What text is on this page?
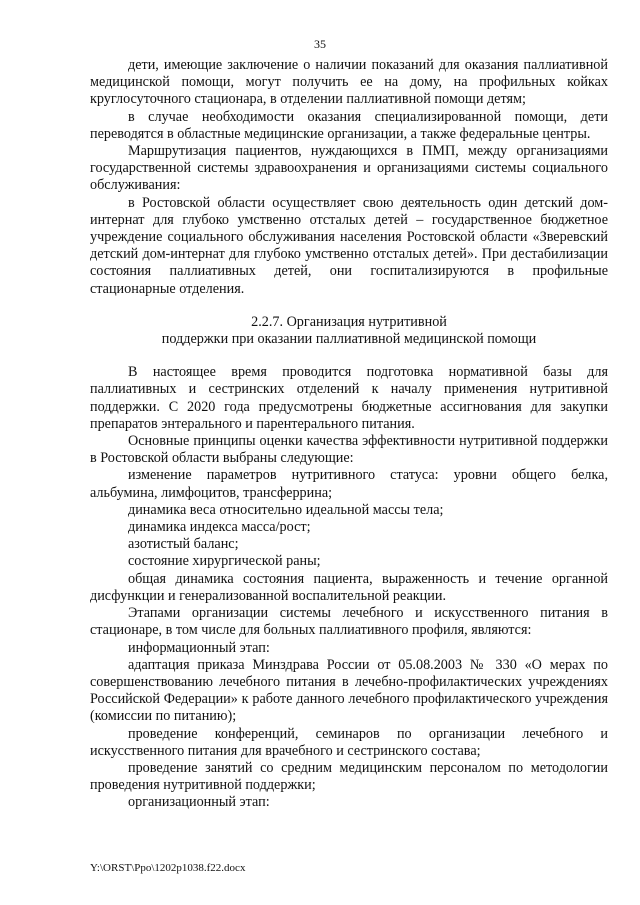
35

дети, имеющие заключение о наличии показаний для оказания паллиативной медицинской помощи, могут получить ее на дому, на профильных койках круглосуточного стационара, в отделении паллиативной помощи детям;

в случае необходимости оказания специализированной помощи, дети переводятся в областные медицинские организации, а также федеральные центры.

Маршрутизация пациентов, нуждающихся в ПМП, между организациями государственной системы здравоохранения и организациями системы социального обслуживания:

в Ростовской области осуществляет свою деятельность один детский дом-интернат для глубоко умственно отсталых детей – государственное бюджетное учреждение социального обслуживания населения Ростовской области «Зверевский детский дом-интернат для глубоко умственно отсталых детей». При дестабилизации состояния паллиативных детей, они госпитализируются в профильные стационарные отделения.

2.2.7. Организация нутритивной

поддержки при оказании паллиативной медицинской помощи

В настоящее время проводится подготовка нормативной базы для паллиативных и сестринских отделений к началу применения нутритивной поддержки. С 2020 года предусмотрены бюджетные ассигнования для закупки препаратов энтерального и парентерального питания.

Основные принципы оценки качества эффективности нутритивной поддержки в Ростовской области выбраны следующие:

изменение параметров нутритивного статуса: уровни общего белка, альбумина, лимфоцитов, трансферрина;

динамика веса относительно идеальной массы тела;

динамика индекса масса/рост;

азотистый баланс;

состояние хирургической раны;

общая динамика состояния пациента, выраженность и течение органной дисфункции и генерализованной воспалительной реакции.

Этапами организации системы лечебного и искусственного питания в стационаре, в том числе для больных паллиативного профиля, являются:

информационный этап:

адаптация приказа Минздрава России от 05.08.2003 № 330 «О мерах по совершенствованию лечебного питания в лечебно-профилактических учреждениях Российской Федерации» к работе данного лечебного профилактического учреждения (комиссии по питанию);

проведение конференций, семинаров по организации лечебного и искусственного питания для врачебного и сестринского состава;

проведение занятий со средним медицинским персоналом по методологии проведения нутритивной поддержки;

организационный этап:

Y:\ORST\Ppo\1202p1038.f22.docx
